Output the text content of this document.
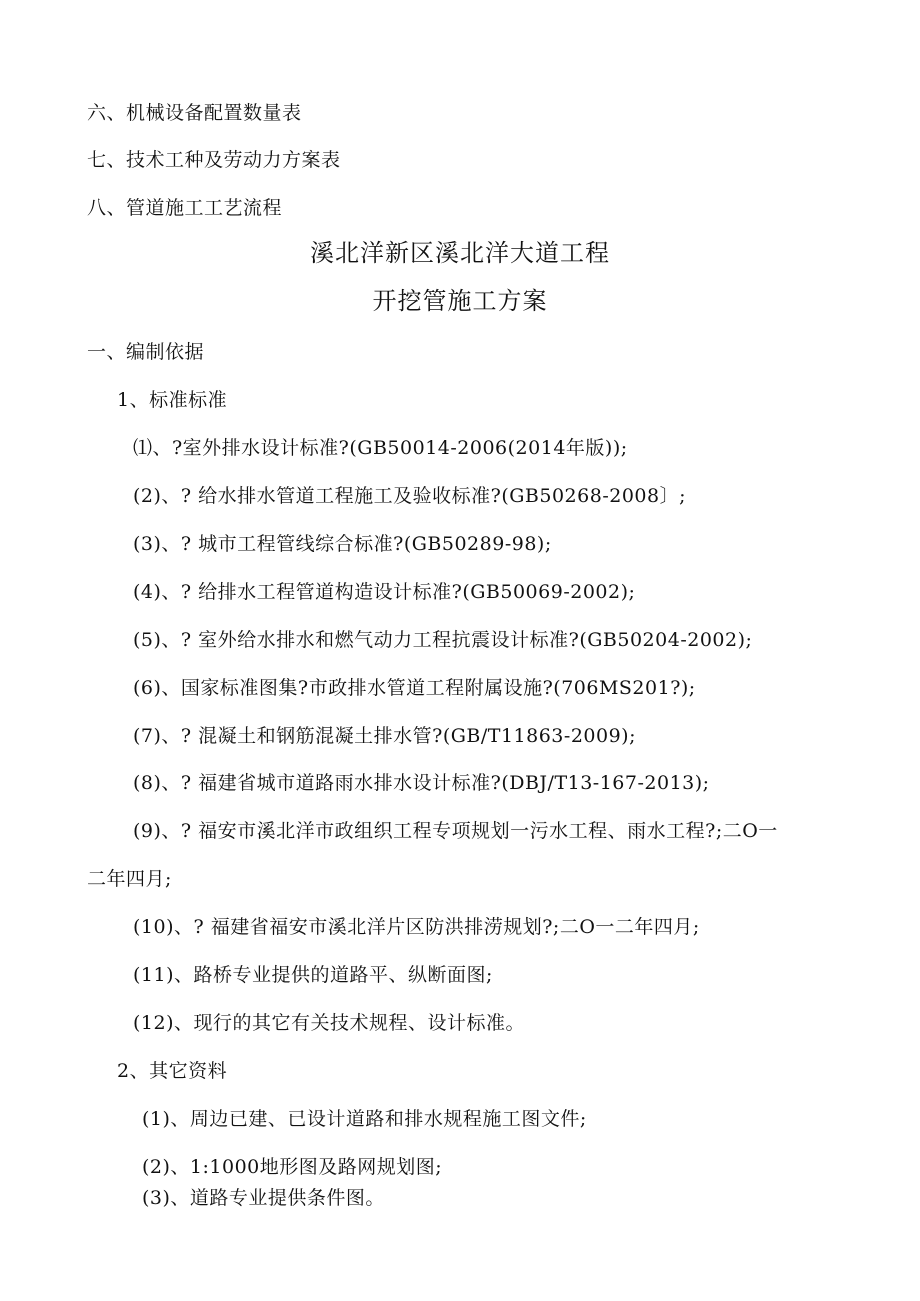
六、机械设备配置数量表
七、技术工种及劳动力方案表
八、管道施工工艺流程
溪北洋新区溪北洋大道工程
开挖管施工方案
一、编制依据
1、标准标准
⑴、?室外排水设计标准?(GB50014-2006(2014年版));
(2)、? 给水排水管道工程施工及验收标准?(GB50268-2008〕;
(3)、? 城市工程管线综合标准?(GB50289-98);
(4)、? 给排水工程管道构造设计标准?(GB50069-2002);
(5)、? 室外给水排水和燃气动力工程抗震设计标准?(GB50204-2002);
(6)、国家标准图集?市政排水管道工程附属设施?(706MS201?);
(7)、? 混凝土和钢筋混凝土排水管?(GB/T11863-2009);
(8)、? 福建省城市道路雨水排水设计标准?(DBJ/T13-167-2013);
(9)、? 福安市溪北洋市政组织工程专项规划一污水工程、雨水工程?;二O一
二年四月;
(10)、? 福建省福安市溪北洋片区防洪排涝规划?;二O一二年四月;
(11)、路桥专业提供的道路平、纵断面图;
(12)、现行的其它有关技术规程、设计标准。
2、其它资料
(1)、周边已建、已设计道路和排水规程施工图文件;
(2)、1:1000地形图及路网规划图;
(3)、道路专业提供条件图。
